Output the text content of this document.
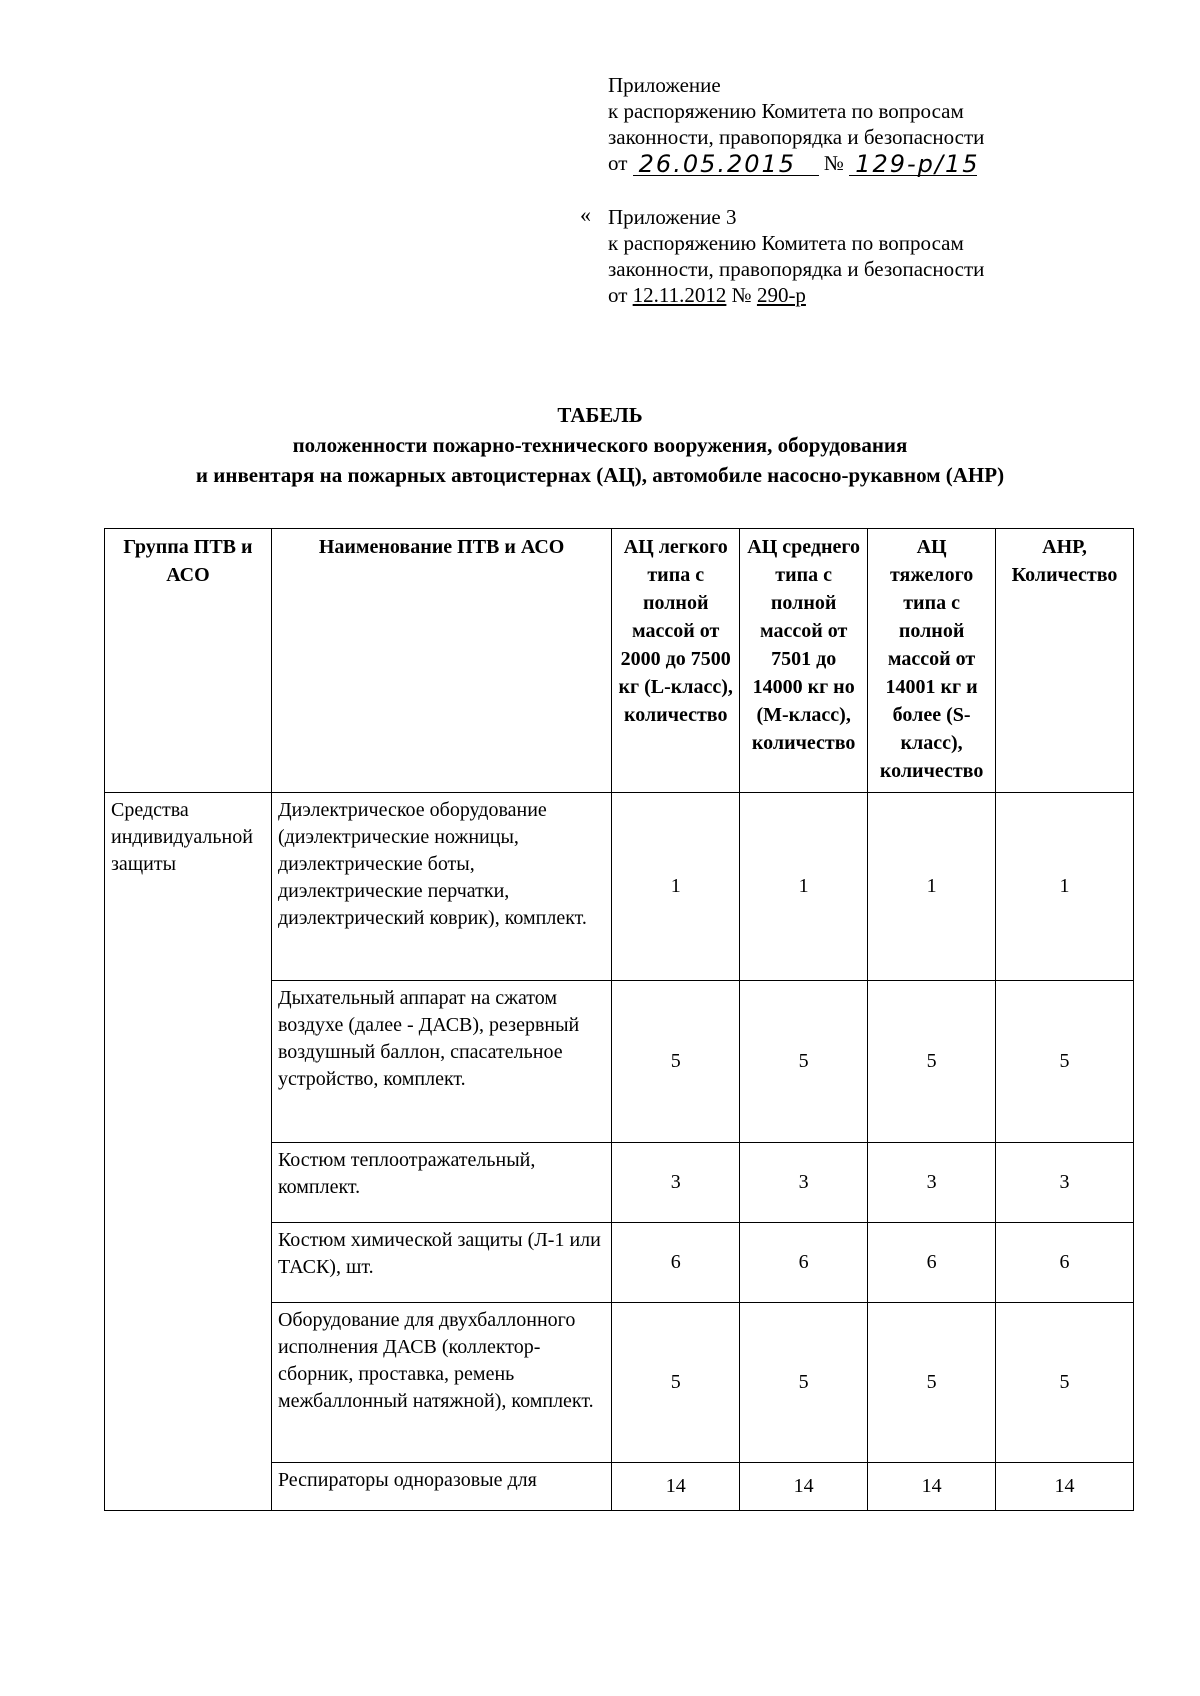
Приложение
к распоряжению Комитета по вопросам
законности, правопорядка и безопасности
от 26.05.2015 № 129-р/15
« Приложение 3
к распоряжению Комитета по вопросам
законности, правопорядка и безопасности
от 12.11.2012 № 290-р
ТАБЕЛЬ
положенности пожарно-технического вооружения, оборудования
и инвентаря на пожарных автоцистернах (АЦ), автомобиле насосно-рукавном (АНР)
Группа ПТВ и АСО	Наименование ПТВ и АСО	АЦ легкого типа с полной массой от 2000 до 7500 кг (L-класс), количество	АЦ среднего типа с полной массой от 7501 до 14000 кг но (М-класс), количество	АЦ тяжелого типа с полной массой от 14001 кг и более (S-класс), количество	АНР, Количество
Средства индивидуальной защиты	Диэлектрическое оборудование (диэлектрические ножницы, диэлектрические боты, диэлектрические перчатки, диэлектрический коврик), комплект.	1	1	1	1
	Дыхательный аппарат на сжатом воздухе (далее - ДАСВ), резервный воздушный баллон, спасательное устройство, комплект.	5	5	5	5
	Костюм теплоотражательный, комплект.	3	3	3	3
	Костюм химической защиты (Л-1 или ТАСК), шт.	6	6	6	6
	Оборудование для двухбаллонного исполнения ДАСВ (коллектор-сборник, проставка, ремень межбаллонный натяжной), комплект.	5	5	5	5
	Респираторы одноразовые для	14	14	14	14
